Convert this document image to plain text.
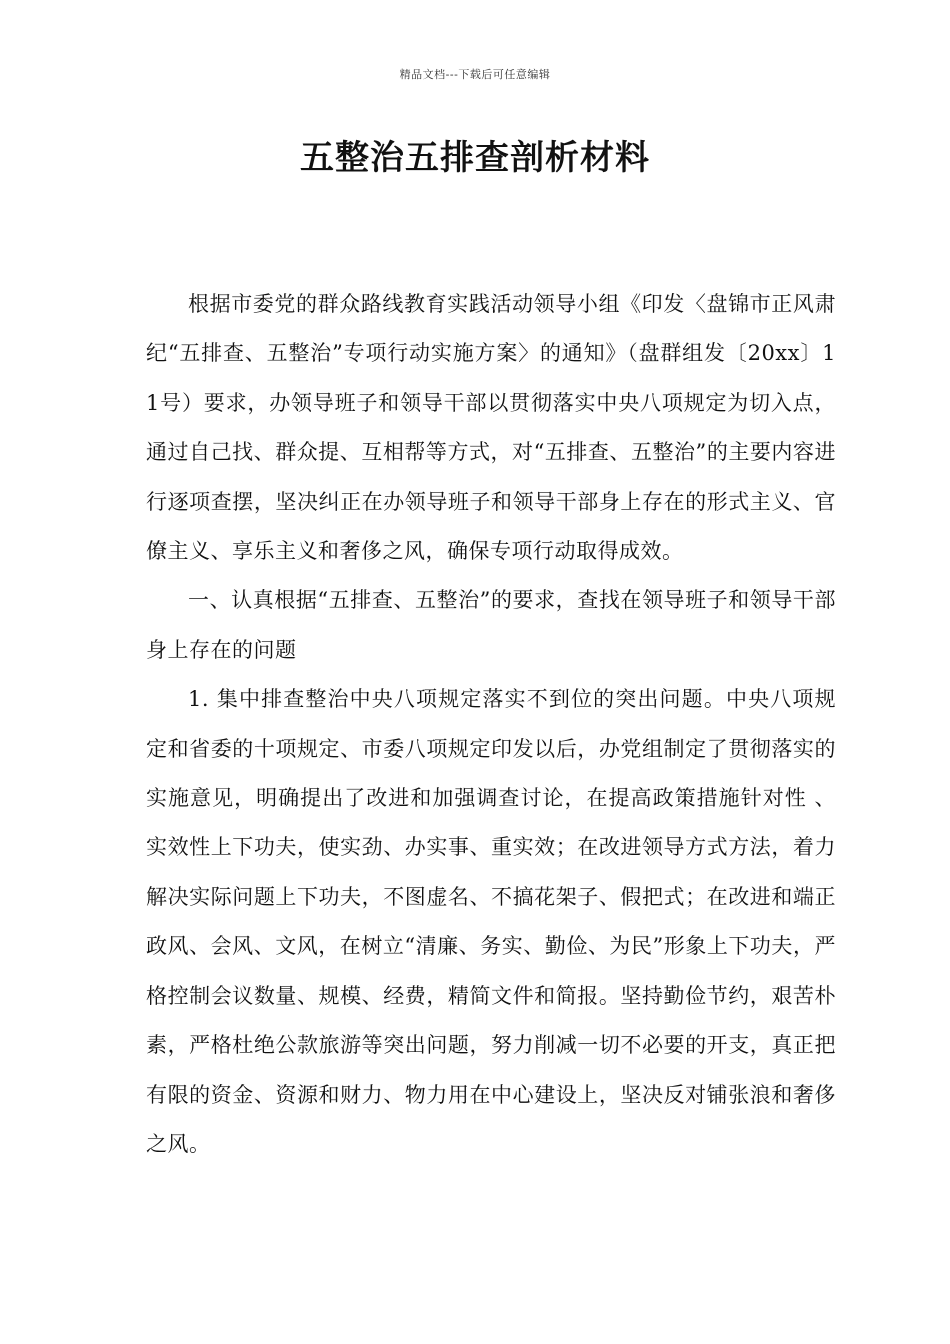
精品文档---下载后可任意编辑
五整治五排查剖析材料

根据市委党的群众路线教育实践活动领导小组《印发〈盘锦市正风肃纪“五排查、五整治”专项行动实施方案〉的通知》（盘群组发〔20xx〕11号）要求，办领导班子和领导干部以贯彻落实中央八项规定为切入点，通过自己找、群众提、互相帮等方式，对“五排查、五整治”的主要内容进行逐项查摆，坚决纠正在办领导班子和领导干部身上存在的形式主义、官僚主义、享乐主义和奢侈之风，确保专项行动取得成效。

一、认真根据“五排查、五整治”的要求，查找在领导班子和领导干部身上存在的问题

1. 集中排查整治中央八项规定落实不到位的突出问题。中央八项规定和省委的十项规定、市委八项规定印发以后，办党组制定了贯彻落实的实施意见，明确提出了改进和加强调查讨论，在提高政策措施针对性 、实效性上下功夫，使实劲、办实事、重实效；在改进领导方式方法，着力解决实际问题上下功夫，不图虚名、不搞花架子、假把式；在改进和端正政风、会风、文风，在树立“清廉、务实、勤俭、为民”形象上下功夫，严格控制会议数量、规模、经费，精简文件和简报。坚持勤俭节约，艰苦朴素，严格杜绝公款旅游等突出问题，努力削减一切不必要的开支，真正把有限的资金、资源和财力、物力用在中心建设上，坚决反对铺张浪和奢侈之风。
